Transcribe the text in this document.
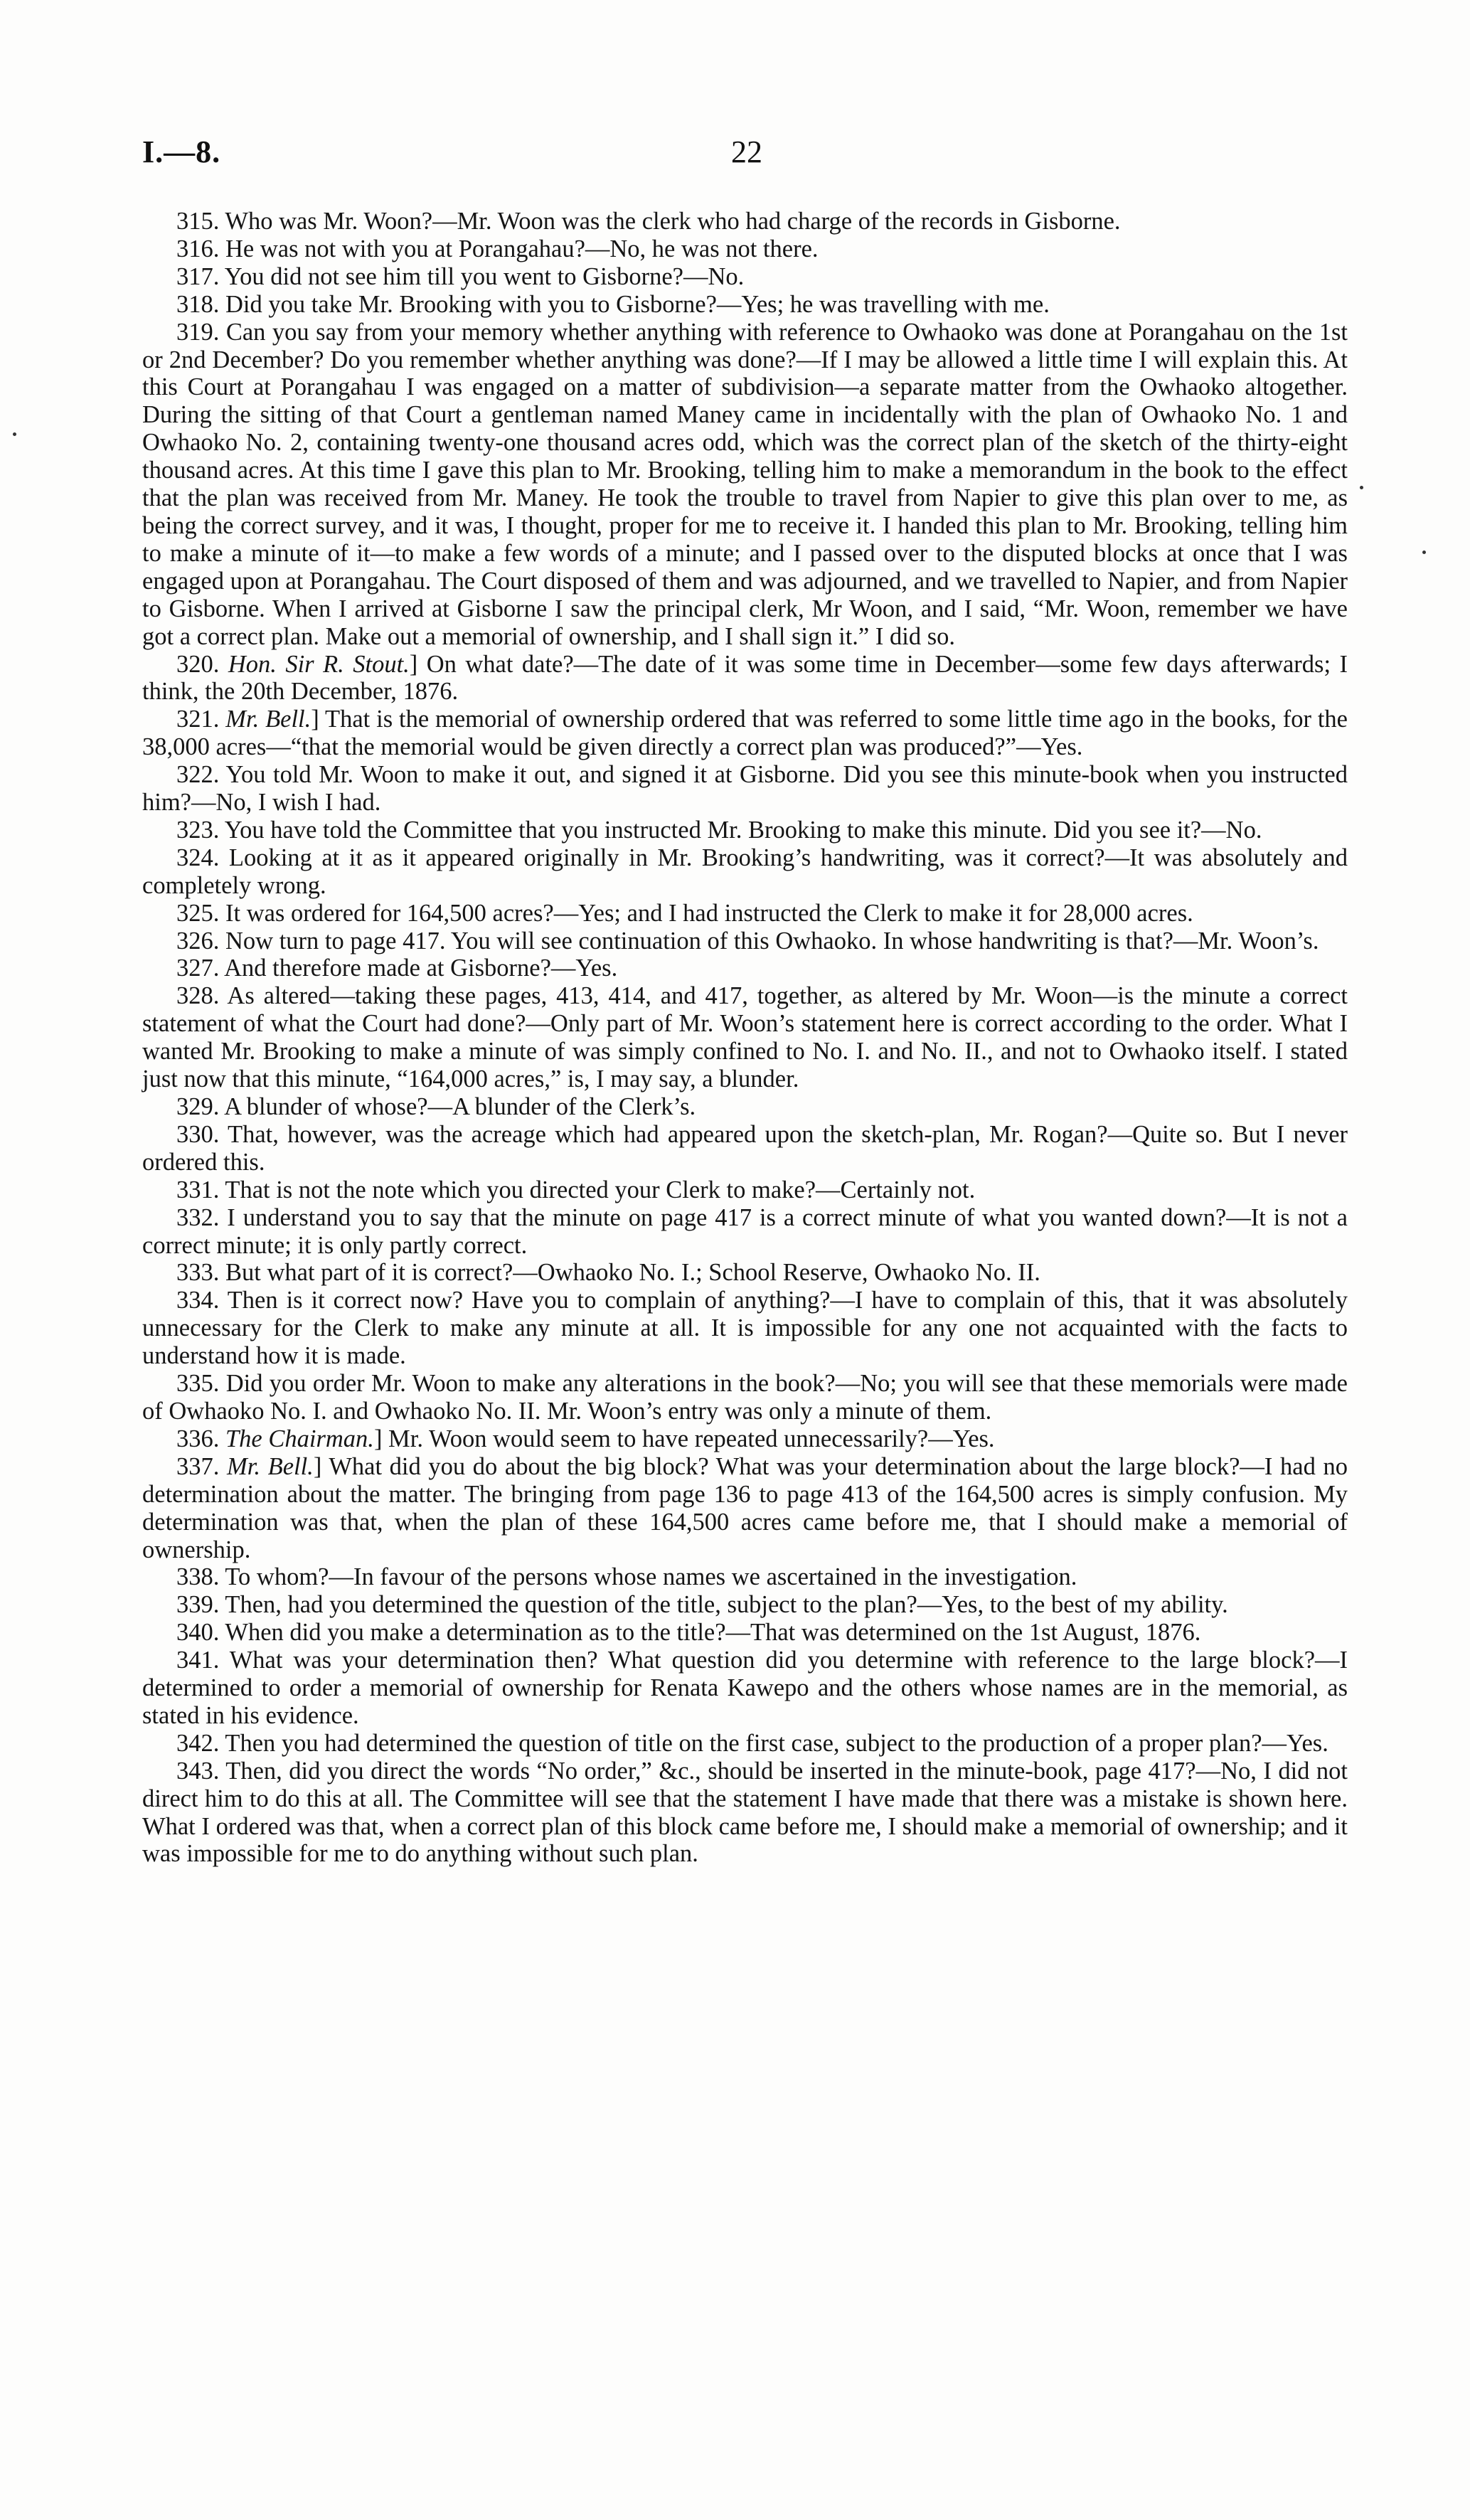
I.—8.	22

315. Who was Mr. Woon?—Mr. Woon was the clerk who had charge of the records in Gisborne.

316. He was not with you at Porangahau?—No, he was not there.

317. You did not see him till you went to Gisborne?—No.

318. Did you take Mr. Brooking with you to Gisborne?—Yes; he was travelling with me.

319. Can you say from your memory whether anything with reference to Owhaoko was done at Porangahau on the 1st or 2nd December? Do you remember whether anything was done?—If I may be allowed a little time I will explain this. At this Court at Porangahau I was engaged on a matter of subdivision—a separate matter from the Owhaoko altogether. During the sitting of that Court a gentleman named Maney came in incidentally with the plan of Owhaoko No. 1 and Owhaoko No. 2, containing twenty-one thousand acres odd, which was the correct plan of the sketch of the thirty-eight thousand acres. At this time I gave this plan to Mr. Brooking, telling him to make a memorandum in the book to the effect that the plan was received from Mr. Maney. He took the trouble to travel from Napier to give this plan over to me, as being the correct survey, and it was, I thought, proper for me to receive it. I handed this plan to Mr. Brooking, telling him to make a minute of it—to make a few words of a minute; and I passed over to the disputed blocks at once that I was engaged upon at Porangahau. The Court disposed of them and was adjourned, and we travelled to Napier, and from Napier to Gisborne. When I arrived at Gisborne I saw the principal clerk, Mr Woon, and I said, “Mr. Woon, remember we have got a correct plan. Make out a memorial of ownership, and I shall sign it.” I did so.

320. Hon. Sir R. Stout.] On what date?—The date of it was some time in December—some few days afterwards; I think, the 20th December, 1876.

321. Mr. Bell.] That is the memorial of ownership ordered that was referred to some little time ago in the books, for the 38,000 acres—“that the memorial would be given directly a correct plan was produced?”—Yes.

322. You told Mr. Woon to make it out, and signed it at Gisborne. Did you see this minute-book when you instructed him?—No, I wish I had.

323. You have told the Committee that you instructed Mr. Brooking to make this minute. Did you see it?—No.

324. Looking at it as it appeared originally in Mr. Brooking’s handwriting, was it correct?—It was absolutely and completely wrong.

325. It was ordered for 164,500 acres?—Yes; and I had instructed the Clerk to make it for 28,000 acres.

326. Now turn to page 417. You will see continuation of this Owhaoko. In whose handwriting is that?—Mr. Woon’s.

327. And therefore made at Gisborne?—Yes.

328. As altered—taking these pages, 413, 414, and 417, together, as altered by Mr. Woon—is the minute a correct statement of what the Court had done?—Only part of Mr. Woon’s statement here is correct according to the order. What I wanted Mr. Brooking to make a minute of was simply confined to No. I. and No. II., and not to Owhaoko itself. I stated just now that this minute, “164,000 acres,” is, I may say, a blunder.

329. A blunder of whose?—A blunder of the Clerk’s.

330. That, however, was the acreage which had appeared upon the sketch-plan, Mr. Rogan?—Quite so. But I never ordered this.

331. That is not the note which you directed your Clerk to make?—Certainly not.

332. I understand you to say that the minute on page 417 is a correct minute of what you wanted down?—It is not a correct minute; it is only partly correct.

333. But what part of it is correct?—Owhaoko No. I.; School Reserve, Owhaoko No. II.

334. Then is it correct now? Have you to complain of anything?—I have to complain of this, that it was absolutely unnecessary for the Clerk to make any minute at all. It is impossible for any one not acquainted with the facts to understand how it is made.

335. Did you order Mr. Woon to make any alterations in the book?—No; you will see that these memorials were made of Owhaoko No. I. and Owhaoko No. II. Mr. Woon’s entry was only a minute of them.

336. The Chairman.] Mr. Woon would seem to have repeated unnecessarily?—Yes.

337. Mr. Bell.] What did you do about the big block? What was your determination about the large block?—I had no determination about the matter. The bringing from page 136 to page 413 of the 164,500 acres is simply confusion. My determination was that, when the plan of these 164,500 acres came before me, that I should make a memorial of ownership.

338. To whom?—In favour of the persons whose names we ascertained in the investigation.

339. Then, had you determined the question of the title, subject to the plan?—Yes, to the best of my ability.

340. When did you make a determination as to the title?—That was determined on the 1st August, 1876.

341. What was your determination then? What question did you determine with reference to the large block?—I determined to order a memorial of ownership for Renata Kawepo and the others whose names are in the memorial, as stated in his evidence.

342. Then you had determined the question of title on the first case, subject to the production of a proper plan?—Yes.

343. Then, did you direct the words “No order,” &c., should be inserted in the minute-book, page 417?—No, I did not direct him to do this at all. The Committee will see that the statement I have made that there was a mistake is shown here. What I ordered was that, when a correct plan of this block came before me, I should make a memorial of ownership; and it was impossible for me to do anything without such plan.
